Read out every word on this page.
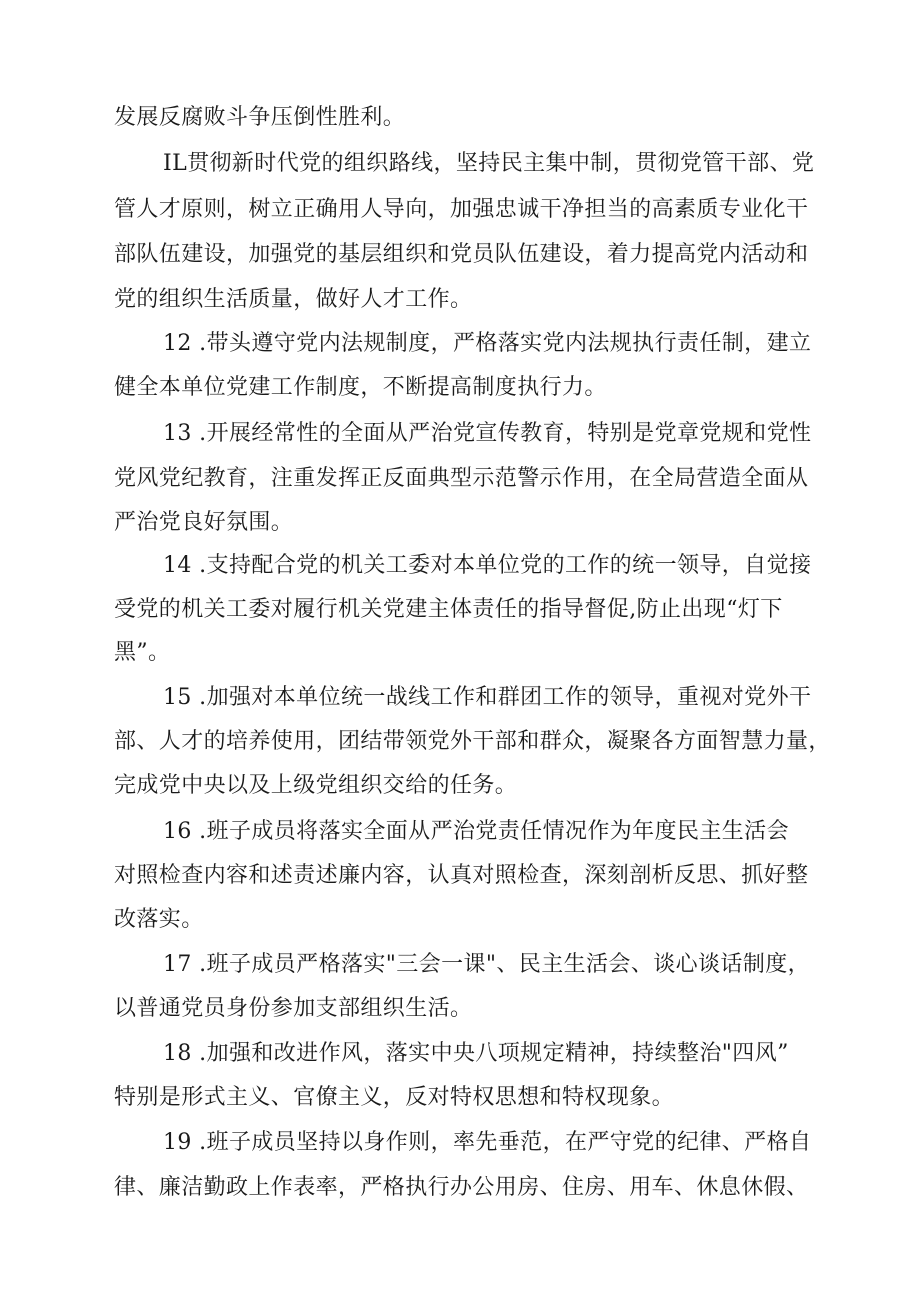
发展反腐败斗争压倒性胜利。

IL贯彻新时代党的组织路线，坚持民主集中制，贯彻党管干部、党

管人才原则，树立正确用人导向，加强忠诚干净担当的高素质专业化干

部队伍建设，加强党的基层组织和党员队伍建设，着力提高党内活动和

党的组织生活质量，做好人才工作。

12 .带头遵守党内法规制度，严格落实党内法规执行责任制，建立

健全本单位党建工作制度，不断提高制度执行力。

13 .开展经常性的全面从严治党宣传教育，特别是党章党规和党性

党风党纪教育，注重发挥正反面典型示范警示作用，在全局营造全面从

严治党良好氛围。

14 .支持配合党的机关工委对本单位党的工作的统一领导，自觉接

受党的机关工委对履行机关党建主体责任的指导督促,防止出现“灯下

黑”。

15 .加强对本单位统一战线工作和群团工作的领导，重视对党外干

部、人才的培养使用，团结带领党外干部和群众，凝聚各方面智慧力量，

完成党中央以及上级党组织交给的任务。

16 .班子成员将落实全面从严治党责任情况作为年度民主生活会

对照检查内容和述责述廉内容，认真对照检查，深刻剖析反思、抓好整

改落实。

17 .班子成员严格落实"三会一课"、民主生活会、谈心谈话制度，

以普通党员身份参加支部组织生活。

18 .加强和改进作风，落实中央八项规定精神，持续整治"四风”

特别是形式主义、官僚主义，反对特权思想和特权现象。

19 .班子成员坚持以身作则，率先垂范，在严守党的纪律、严格自

律、廉洁勤政上作表率，严格执行办公用房、住房、用车、休息休假、
